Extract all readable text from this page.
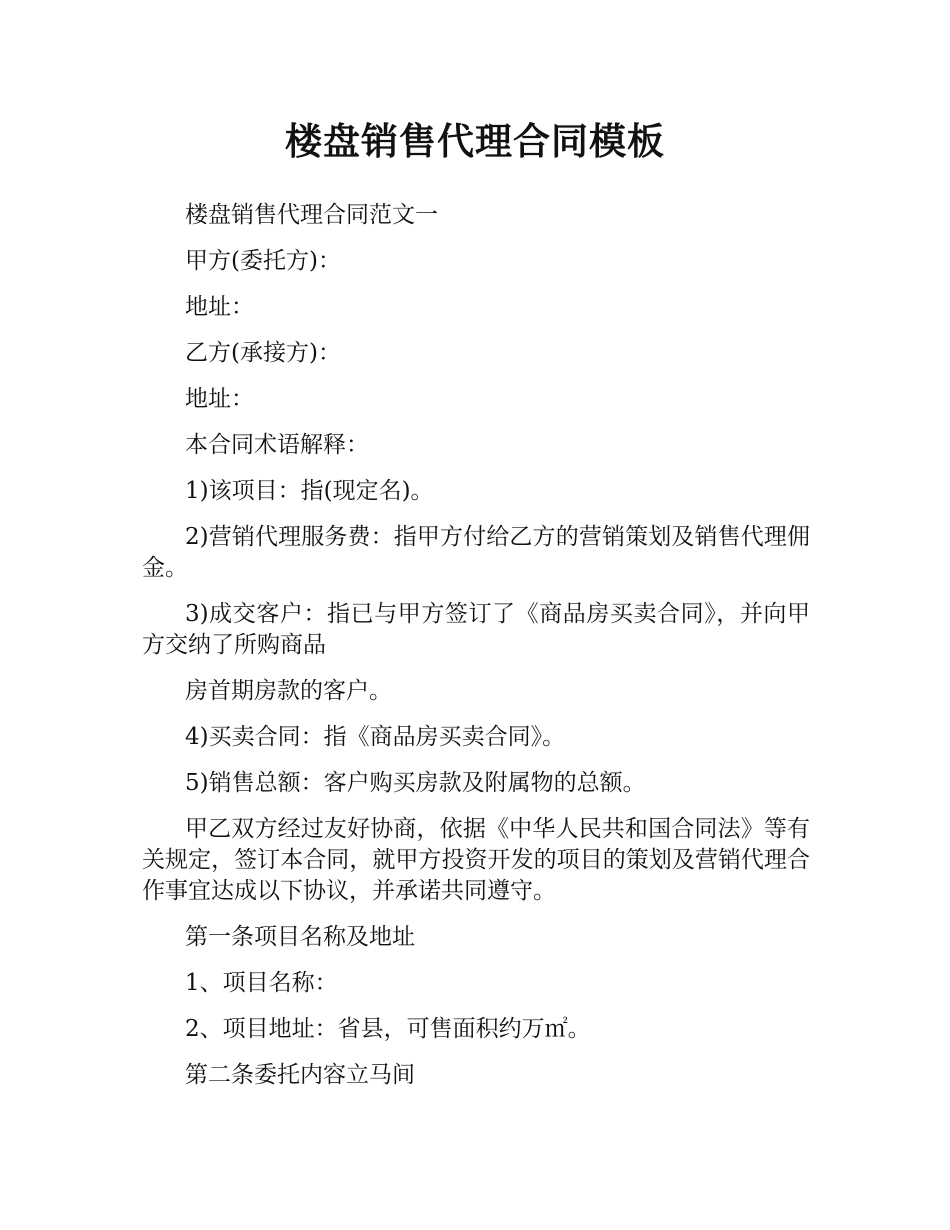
楼盘销售代理合同模板

楼盘销售代理合同范文一

甲方(委托方)：

地址：

乙方(承接方)：

地址：

本合同术语解释：

1)该项目：指(现定名)。

2)营销代理服务费：指甲方付给乙方的营销策划及销售代理佣金。

3)成交客户：指已与甲方签订了《商品房买卖合同》，并向甲方交纳了所购商品

房首期房款的客户。

4)买卖合同：指《商品房买卖合同》。

5)销售总额：客户购买房款及附属物的总额。

甲乙双方经过友好协商，依据《中华人民共和国合同法》等有关规定，签订本合同，就甲方投资开发的项目的策划及营销代理合作事宜达成以下协议，并承诺共同遵守。

第一条项目名称及地址

1、项目名称：

2、项目地址：省县，可售面积约万㎡。

第二条委托内容立马间
